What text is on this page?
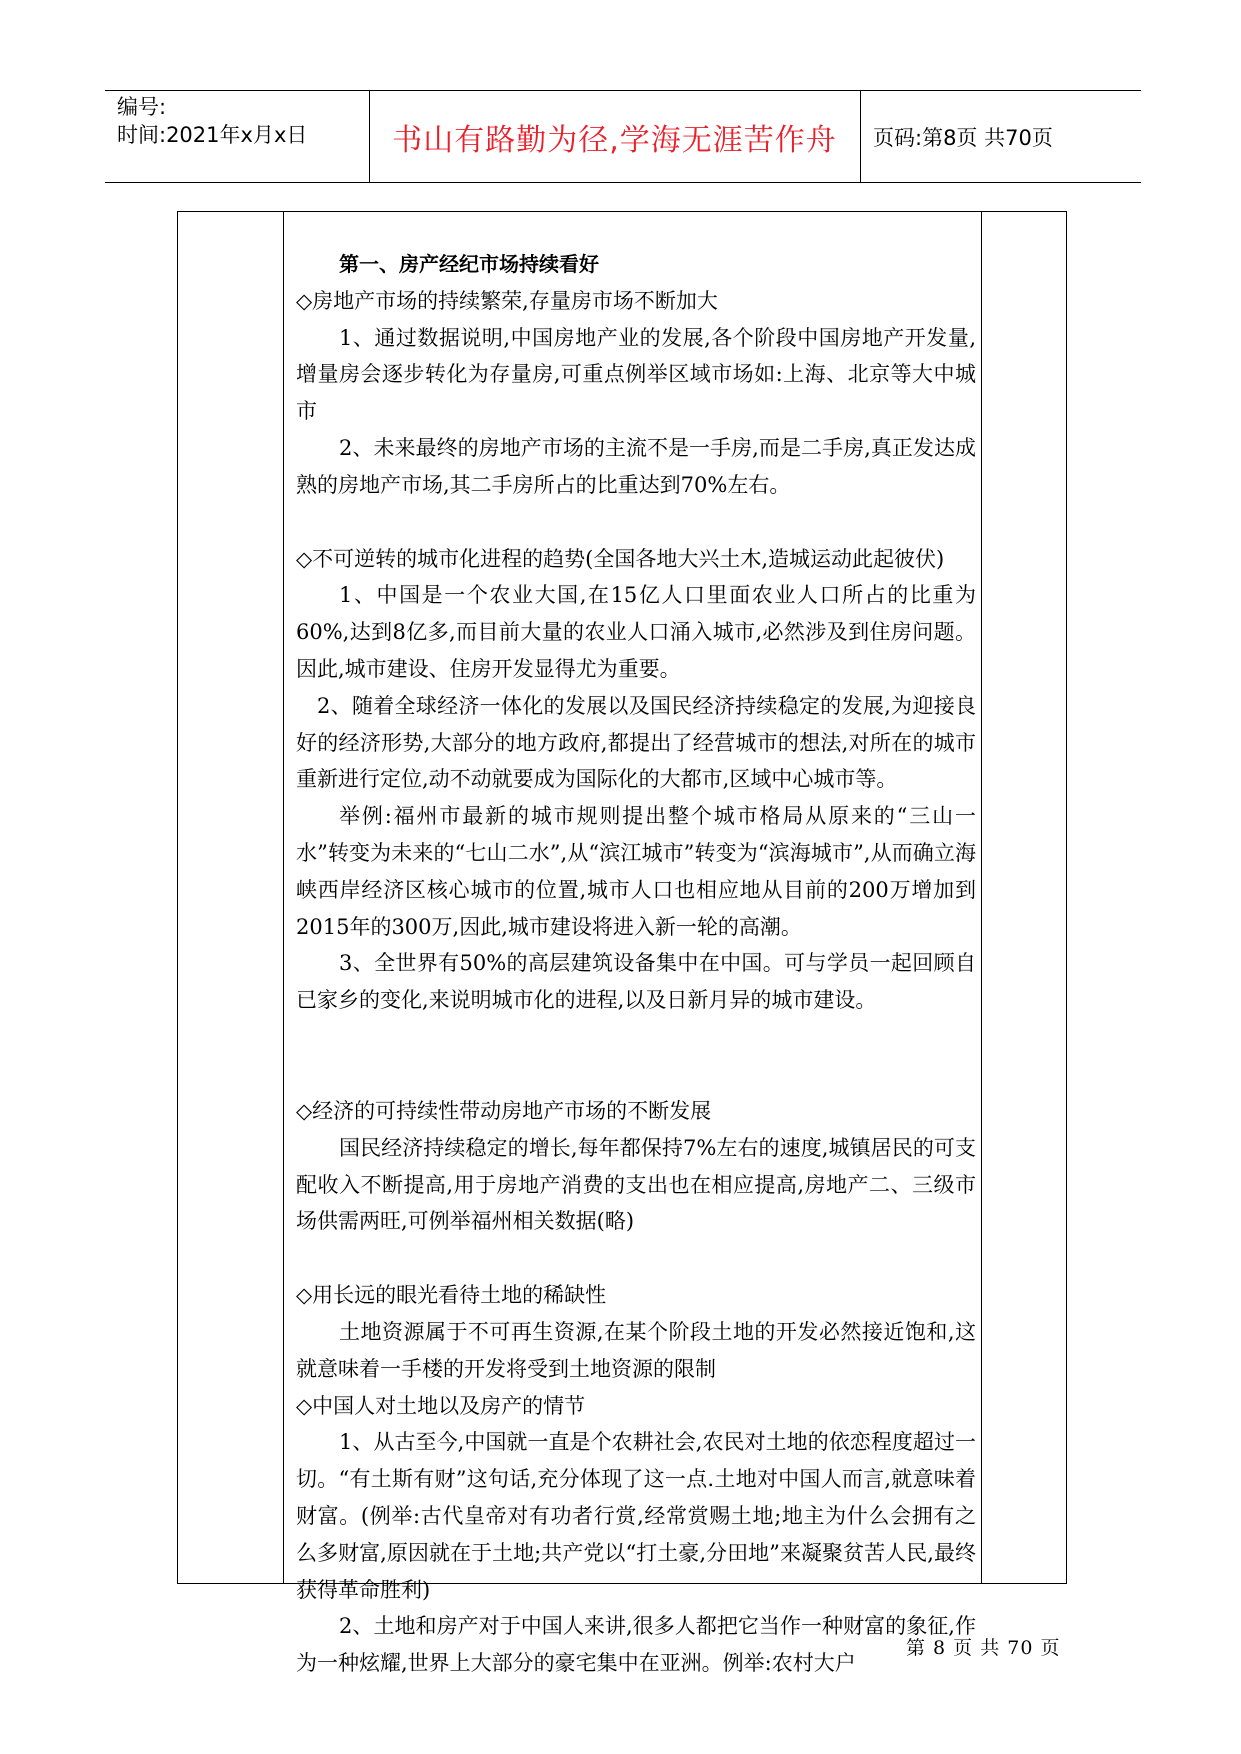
编号:
时间:2021年x月x日	书山有路勤为径,学海无涯苦作舟	页码:第8页 共70页

第一、房产经纪市场持续看好

◇房地产市场的持续繁荣,存量房市场不断加大

1、通过数据说明,中国房地产业的发展,各个阶段中国房地产开发量,增量房会逐步转化为存量房,可重点例举区域市场如:上海、北京等大中城市

2、未来最终的房地产市场的主流不是一手房,而是二手房,真正发达成熟的房地产市场,其二手房所占的比重达到70%左右。

◇不可逆转的城市化进程的趋势(全国各地大兴土木,造城运动此起彼伏)

1、中国是一个农业大国,在15亿人口里面农业人口所占的比重为60%,达到8亿多,而目前大量的农业人口涌入城市,必然涉及到住房问题。因此,城市建设、住房开发显得尤为重要。

2、随着全球经济一体化的发展以及国民经济持续稳定的发展,为迎接良好的经济形势,大部分的地方政府,都提出了经营城市的想法,对所在的城市重新进行定位,动不动就要成为国际化的大都市,区域中心城市等。

举例:福州市最新的城市规则提出整个城市格局从原来的“三山一水”转变为未来的“七山二水”,从“滨江城市”转变为“滨海城市”,从而确立海峡西岸经济区核心城市的位置,城市人口也相应地从目前的200万增加到2015年的300万,因此,城市建设将进入新一轮的高潮。

3、全世界有50%的高层建筑设备集中在中国。可与学员一起回顾自已家乡的变化,来说明城市化的进程,以及日新月异的城市建设。

◇经济的可持续性带动房地产市场的不断发展

国民经济持续稳定的增长,每年都保持7%左右的速度,城镇居民的可支配收入不断提高,用于房地产消费的支出也在相应提高,房地产二、三级市场供需两旺,可例举福州相关数据(略)

◇用长远的眼光看待土地的稀缺性

土地资源属于不可再生资源,在某个阶段土地的开发必然接近饱和,这就意味着一手楼的开发将受到土地资源的限制

◇中国人对土地以及房产的情节

1、从古至今,中国就一直是个农耕社会,农民对土地的依恋程度超过一切。“有土斯有财”这句话,充分体现了这一点.土地对中国人而言,就意味着财富。(例举:古代皇帝对有功者行赏,经常赏赐土地;地主为什么会拥有之么多财富,原因就在于土地;共产党以“打土豪,分田地”来凝聚贫苦人民,最终获得革命胜利)

2、土地和房产对于中国人来讲,很多人都把它当作一种财富的象征,作为一种炫耀,世界上大部分的豪宅集中在亚洲。例举:农村大户

第 8 页 共 70 页
